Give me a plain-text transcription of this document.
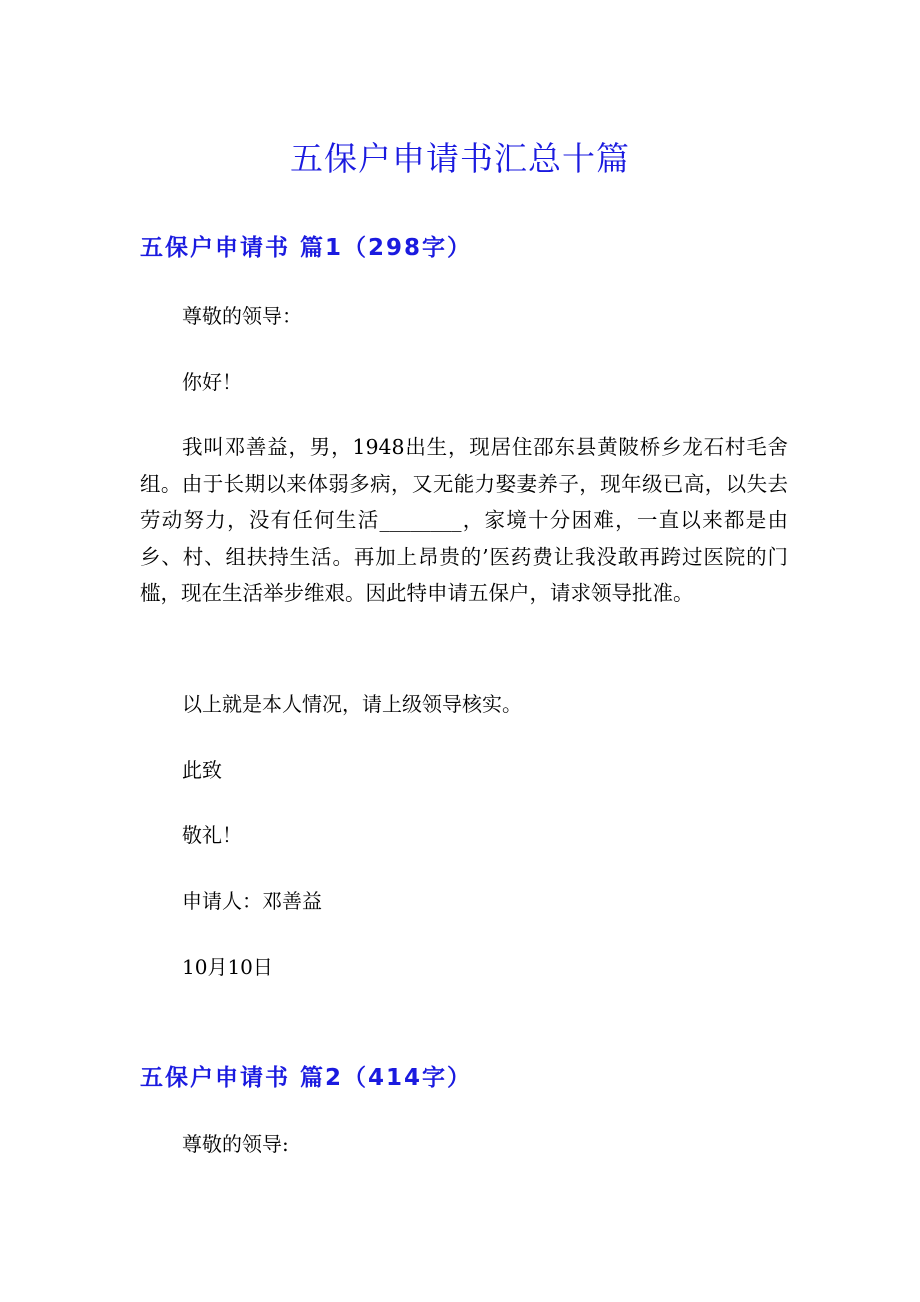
五保户申请书汇总十篇
五保户申请书 篇1（298字）

尊敬的领导：

你好！

我叫邓善益，男，1948出生，现居住邵东县黄陂桥乡龙石村毛舍组。由于长期以来体弱多病，又无能力娶妻养子，现年级已高，以失去劳动努力，没有任何生活________，家境十分困难，一直以来都是由乡、村、组扶持生活。再加上昂贵的’医药费让我没敢再跨过医院的门槛，现在生活举步维艰。因此特申请五保户，请求领导批准。

以上就是本人情况，请上级领导核实。

此致

敬礼！

申请人：邓善益

10月10日

五保户申请书 篇2（414字）

尊敬的领导:
